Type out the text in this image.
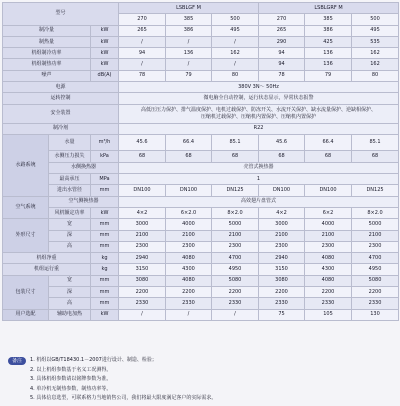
型号			LSBLGF M			LSBLGRF M		
			270	385	500	270	385	500
制冷量		kW	265	386	495	265	386	495
制热量		kW	/	/	/	290	425	535
机组制冷功率		kW	94	136	162	94	136	162
机组制热功率		kW	/	/	/	94	136	162
噪声		dB(A)	78	79	80	78	79	80
电源			380V 3N～ 50Hz					
运转控制			微电脑全自动控制，运行状态显示，异常状态报警					
安全装置			高低压压力保护、排气温度保护、电机过载保护、防冻开关、水流开关保护、缺水流量保护、逆缺相保护、
压缩机过载保护、压缩机内置保护、压缩机内置保护					

制冷剂			R22					
水路系统	水量	m³/h	45.6	66.4	85.1	45.6	66.4	85.1
	水侧压力损失	kPa	68	68	68	68	68	68
	水侧换热器		壳管式换热器					
	最高承压	MPa	1					
	进出水管径	mm	DN100	DN100	DN125	DN100	DN100	DN125
空气系统	空气侧换热器		高效翅片盘管式					
	风机额定功率	kW	4×2	6×2.0	8×2.0	4×2	6×2	8×2.0
外形尺寸	宽	mm	3000	4000	5000	3000	4000	5000
	深	mm	2100	2100	2100	2100	2100	2100
	高	mm	2300	2300	2300	2300	2300	2300
机组净重		kg	2940	4080	4700	2940	4080	4700
机组运行重		kg	3150	4300	4950	3150	4300	4950
包装尺寸	宽	mm	3080	4080	5080	3080	4080	5080
	深	mm	2200	2200	2200	2200	2200	2200
	高	mm	2330	2330	2330	2330	2330	2330
用户选配	辅助电加热	kW	/	/	/	75	105	130
备注	1. 机组以GB/T18430.1－2007进行设计、制造、检验；
2. 以上机组参数基于名义工况测得。
3. 具体机组参数请以铭牌参数为准。
4. 单冷机无制热参数，制热功率等。
5. 具体信息选型，可联系格力当地销售公司，我们将最大限度满足客户的实际需求。
